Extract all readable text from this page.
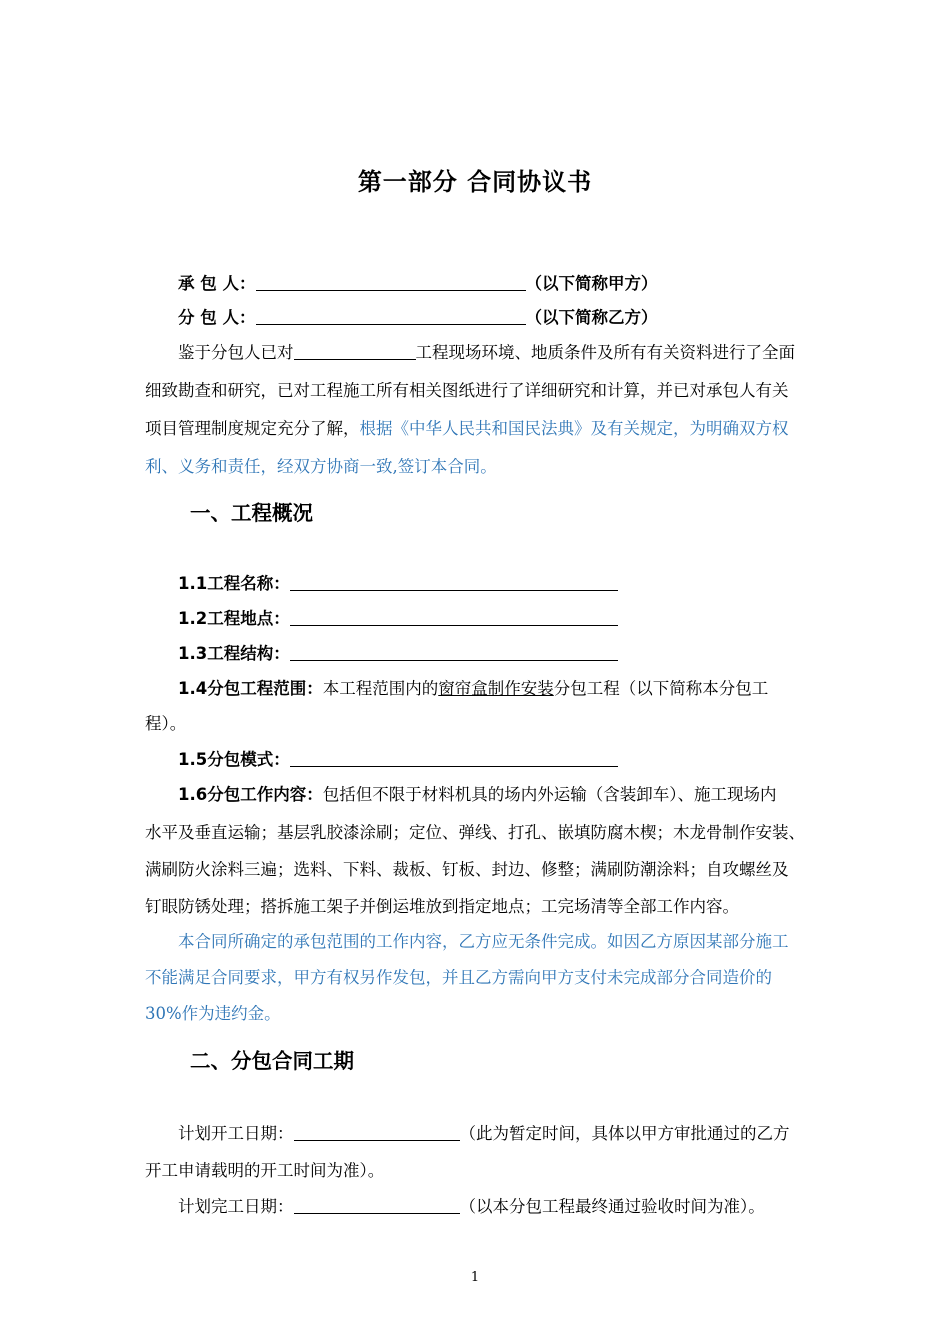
第一部分 合同协议书
承 包 人：	（以下简称甲方）
分 包 人：	（以下简称乙方）
鉴于分包人已对	工程现场环境、地质条件及所有有关资料进行了全面
细致勘查和研究，已对工程施工所有相关图纸进行了详细研究和计算，并已对承包人有关
项目管理制度规定充分了解，根据《中华人民共和国民法典》及有关规定，为明确双方权
利、义务和责任，经双方协商一致,签订本合同。
一、工程概况
1.1工程名称：
1.2工程地点：
1.3工程结构：
1.4分包工程范围：本工程范围内的窗帘盒制作安装分包工程（以下简称本分包工
程）。
1.5分包模式：
1.6分包工作内容：包括但不限于材料机具的场内外运输（含装卸车）、施工现场内
水平及垂直运输；基层乳胶漆涂刷；定位、弹线、打孔、嵌填防腐木楔；木龙骨制作安装、
满刷防火涂料三遍；选料、下料、裁板、钉板、封边、修整；满刷防潮涂料；自攻螺丝及
钉眼防锈处理；搭拆施工架子并倒运堆放到指定地点；工完场清等全部工作内容。
本合同所确定的承包范围的工作内容，乙方应无条件完成。如因乙方原因某部分施工
不能满足合同要求，甲方有权另作发包，并且乙方需向甲方支付未完成部分合同造价的
30%作为违约金。
二、分包合同工期
计划开工日期：	（此为暂定时间，具体以甲方审批通过的乙方
开工申请载明的开工时间为准）。
计划完工日期：	（以本分包工程最终通过验收时间为准）。
1
